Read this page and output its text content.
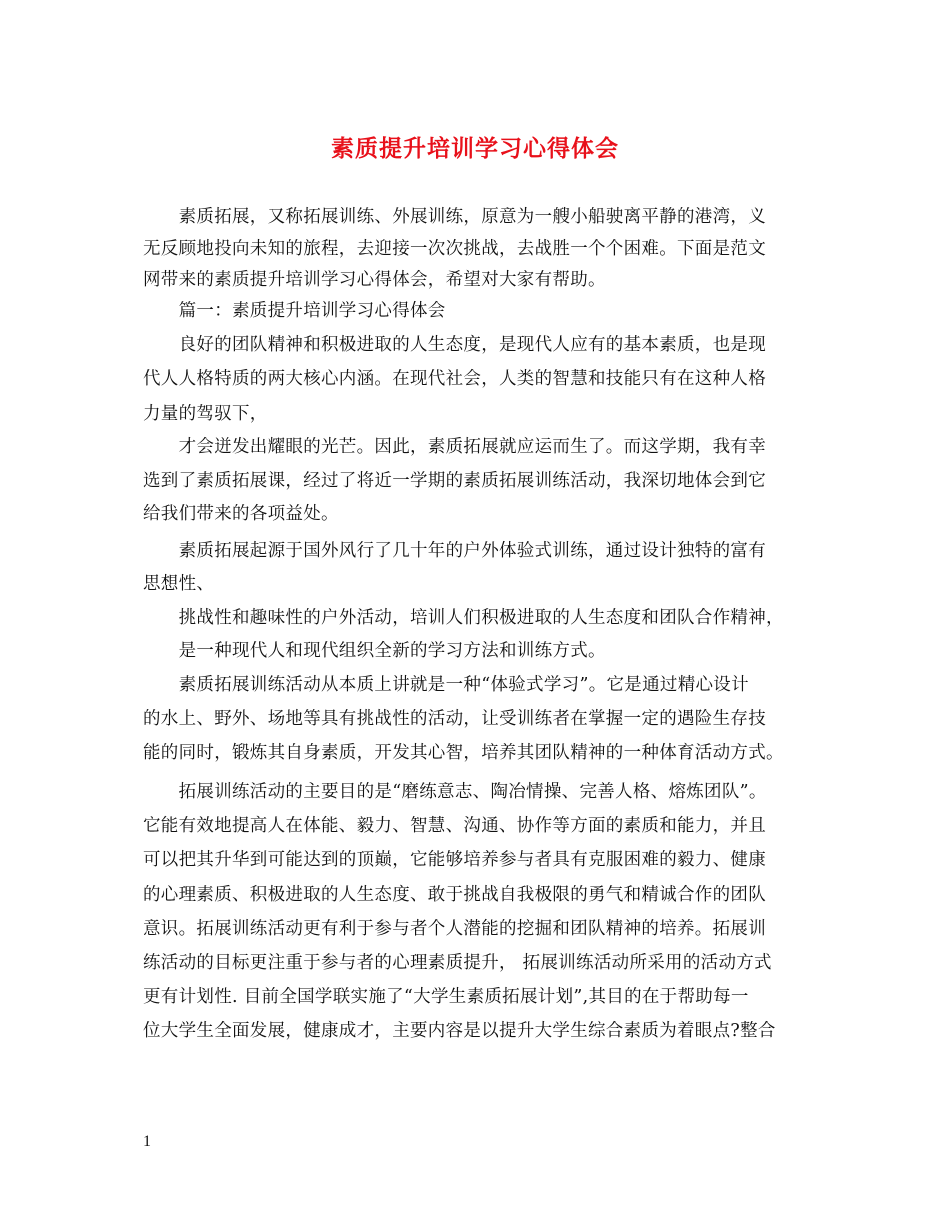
素质提升培训学习心得体会
　　素质拓展，又称拓展训练、外展训练，原意为一艘小船驶离平静的港湾，义
无反顾地投向未知的旅程，去迎接一次次挑战，去战胜一个个困难。下面是范文
网带来的素质提升培训学习心得体会，希望对大家有帮助。
　　篇一：素质提升培训学习心得体会
　　良好的团队精神和积极进取的人生态度，是现代人应有的基本素质，也是现
代人人格特质的两大核心内涵。在现代社会，人类的智慧和技能只有在这种人格
力量的驾驭下，
　　才会迸发出耀眼的光芒。因此，素质拓展就应运而生了。而这学期，我有幸
选到了素质拓展课，经过了将近一学期的素质拓展训练活动，我深切地体会到它
给我们带来的各项益处。
　　素质拓展起源于国外风行了几十年的户外体验式训练，通过设计独特的富有
思想性、
　　挑战性和趣味性的户外活动，培训人们积极进取的人生态度和团队合作精神，
　　是一种现代人和现代组织全新的学习方法和训练方式。
　　素质拓展训练活动从本质上讲就是一种“体验式学习”。它是通过精心设计
的水上、野外、场地等具有挑战性的活动，让受训练者在掌握一定的遇险生存技
能的同时，锻炼其自身素质，开发其心智，培养其团队精神的一种体育活动方式。
　　拓展训练活动的主要目的是“磨练意志、陶冶情操、完善人格、熔炼团队”。
它能有效地提高人在体能、毅力、智慧、沟通、协作等方面的素质和能力，并且
可以把其升华到可能达到的顶巅，它能够培养参与者具有克服困难的毅力、健康
的心理素质、积极进取的人生态度、敢于挑战自我极限的勇气和精诚合作的团队
意识。拓展训练活动更有利于参与者个人潜能的挖掘和团队精神的培养。拓展训
练活动的目标更注重于参与者的心理素质提升， 拓展训练活动所采用的活动方式
更有计划性. 目前全国学联实施了“大学生素质拓展计划”,其目的在于帮助每一
位大学生全面发展，健康成才，主要内容是以提升大学生综合素质为着眼点?整合
1
